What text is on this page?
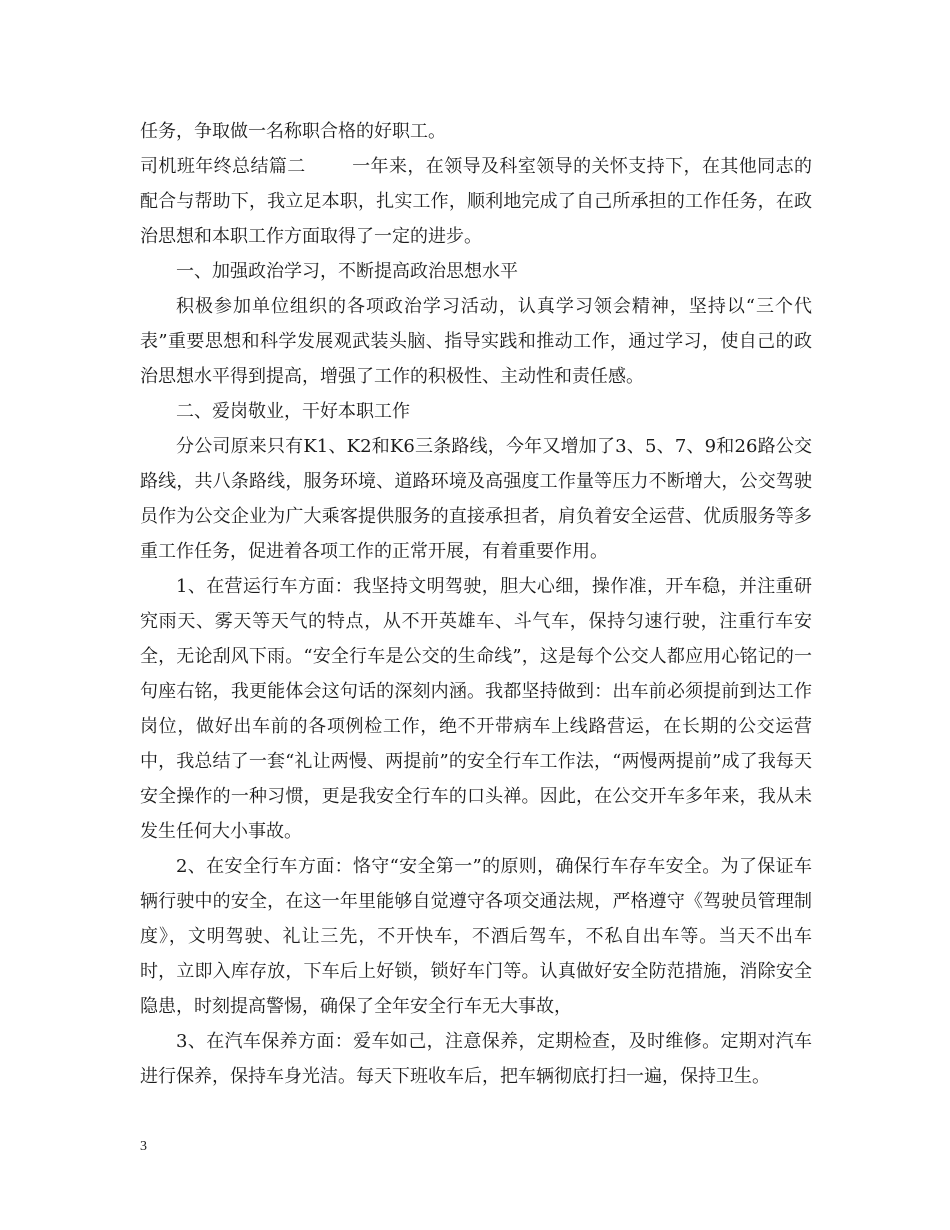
任务，争取做一名称职合格的好职工。

司机班年终总结篇二	一年来，在领导及科室领导的关怀支持下，在其他同志的配合与帮助下，我立足本职，扎实工作，顺利地完成了自己所承担的工作任务，在政治思想和本职工作方面取得了一定的进步。

一、加强政治学习，不断提高政治思想水平

积极参加单位组织的各项政治学习活动，认真学习领会精神，坚持以“三个代表”重要思想和科学发展观武装头脑、指导实践和推动工作，通过学习，使自己的政治思想水平得到提高，增强了工作的积极性、主动性和责任感。

二、爱岗敬业，干好本职工作

分公司原来只有K1、K2和K6三条路线，今年又增加了3、5、7、9和26路公交路线，共八条路线，服务环境、道路环境及高强度工作量等压力不断增大，公交驾驶员作为公交企业为广大乘客提供服务的直接承担者，肩负着安全运营、优质服务等多重工作任务，促进着各项工作的正常开展，有着重要作用。

1、在营运行车方面：我坚持文明驾驶，胆大心细，操作准，开车稳，并注重研究雨天、雾天等天气的特点，从不开英雄车、斗气车，保持匀速行驶，注重行车安全，无论刮风下雨。“安全行车是公交的生命线”，这是每个公交人都应用心铭记的一句座右铭，我更能体会这句话的深刻内涵。我都坚持做到：出车前必须提前到达工作岗位，做好出车前的各项例检工作，绝不开带病车上线路营运，在长期的公交运营中，我总结了一套“礼让两慢、两提前”的安全行车工作法，“两慢两提前”成了我每天安全操作的一种习惯，更是我安全行车的口头禅。因此，在公交开车多年来，我从未发生任何大小事故。

2、在安全行车方面：恪守“安全第一”的原则，确保行车存车安全。为了保证车辆行驶中的安全，在这一年里能够自觉遵守各项交通法规，严格遵守《驾驶员管理制度》，文明驾驶、礼让三先，不开快车，不酒后驾车，不私自出车等。当天不出车时，立即入库存放，下车后上好锁，锁好车门等。认真做好安全防范措施，消除安全隐患，时刻提高警惕，确保了全年安全行车无大事故，

3、在汽车保养方面：爱车如己，注意保养，定期检查，及时维修。定期对汽车进行保养，保持车身光洁。每天下班收车后，把车辆彻底打扫一遍，保持卫生。

3
